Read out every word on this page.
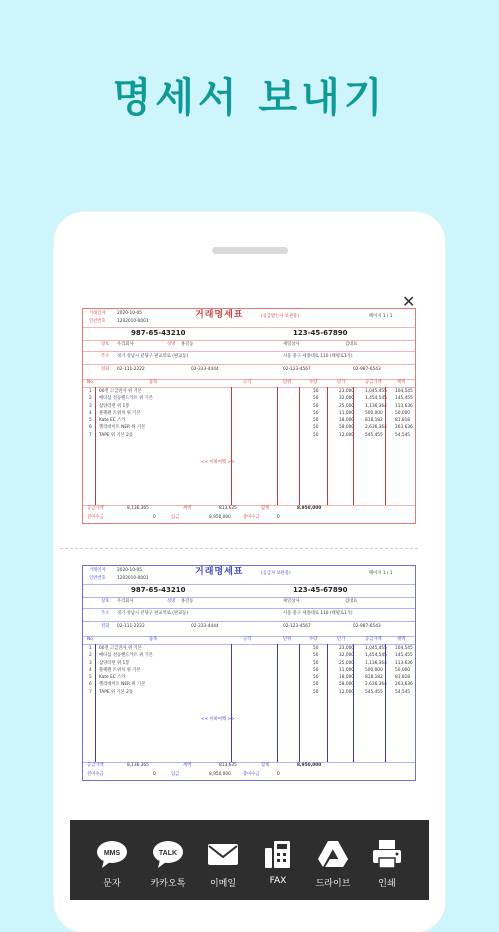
명세서 보내기
✕
거래일자	2020-10-05
일련번호	1202010-0001
거래명세표	(공급받는자 보관용)	페이지 1 / 1
987-65-43210	123-45-67890
상호 우리회사	성명 홍길동	제일상사	김대표
주소 경기 성남시 분당구 판교역로 (판교동)	서울 중구 세종대로 110 (태평로1가)
전화 02-111-2222	02-333-4444	02-123-4567	02-987-6543
No	품목	규격	단위	수량	단가	공급가액	세액
1 00전 고급전자 위 기본	50	23,000	1,045,455 104,545
2 메타섬 전동핸드카트 위 기본	50	32,000	1,454,545 145,455
3 삼양라면 위 1봉	50	25,000	1,136,364 113,636
4 블랙펜 트위처 위 기본	50	11,000	500,000	50,000
5 Kate EC 스카	50	18,000	818,182	81,818
6 헬리데이트 NER 위 기본	50	58,000	2,636,364 263,636
7 TAPE 위 기본 2롤	50	12,000	545,455	54,545
<< 이하여백 >>
공급가액	8,136,365	세액	813,635	합계	8,950,000
전미수금	0	입금	8,950,000	총미수금	0
거래일자	2020-10-05
일련번호	1202010-0001
거래명세표	(공급자 보관용)	페이지 1 / 1
987-65-43210	123-45-67890
상호 우리회사	성명 홍길동	제일상사	김대표
주소 경기 성남시 분당구 판교역로 (판교동)	서울 중구 세종대로 110 (태평로1가)
전화 02-111-2222	02-333-4444	02-123-4567	02-987-6543
No	품목	규격	단위	수량	단가	공급가액	세액
1 00전 고급전자 위 기본	50	23,000	1,045,455 104,545
2 메타섬 전동핸드카트 위 기본	50	32,000	1,454,545 145,455
3 삼양라면 위 1봉	50	25,000	1,136,364 113,636
4 블랙펜 트위처 위 기본	50	11,000	500,000	50,000
5 Kate EC 스카	50	18,000	818,182	81,818
6 헬리데이트 NER 위 기본	50	58,000	2,636,364 263,636
7 TAPE 위 기본 2롤	50	12,000	545,455	54,545
<< 이하여백 >>
공급가액	8,136,365	세액	813,635	합계	8,950,000
전미수금	0	입금	8,950,000	총미수금	0
MMS
문자
TALK
카카오톡	이메일	FAX	드라이브	인쇄
